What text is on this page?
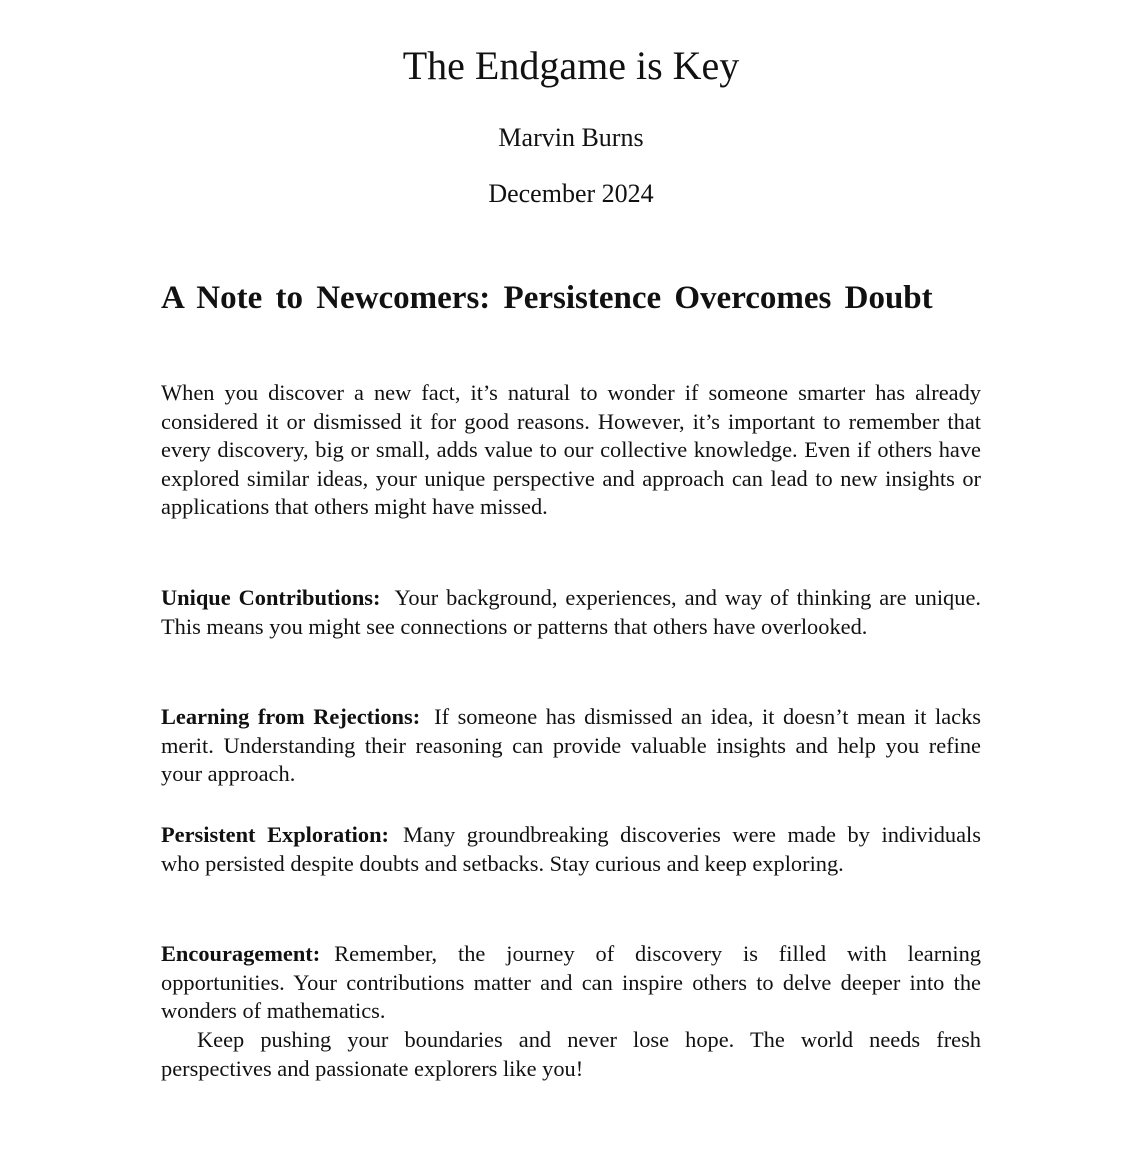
The Endgame is Key
Marvin Burns
December 2024
A Note to Newcomers: Persistence Overcomes Doubt

When you discover a new fact, it’s natural to wonder if someone smarter has already considered it or dismissed it for good reasons. However, it’s important to remember that every discovery, big or small, adds value to our collective knowledge. Even if others have explored similar ideas, your unique perspective and approach can lead to new insights or applications that others might have missed.

Unique Contributions: Your background, experiences, and way of thinking are unique. This means you might see connections or patterns that others have overlooked.

Learning from Rejections: If someone has dismissed an idea, it doesn’t mean it lacks merit. Understanding their reasoning can provide valuable insights and help you refine your approach.

Persistent Exploration: Many groundbreaking discoveries were made by individuals who persisted despite doubts and setbacks. Stay curious and keep exploring.

Encouragement: Remember, the journey of discovery is filled with learning opportunities. Your contributions matter and can inspire others to delve deeper into the wonders of mathematics.

Keep pushing your boundaries and never lose hope. The world needs fresh perspectives and passionate explorers like you!
